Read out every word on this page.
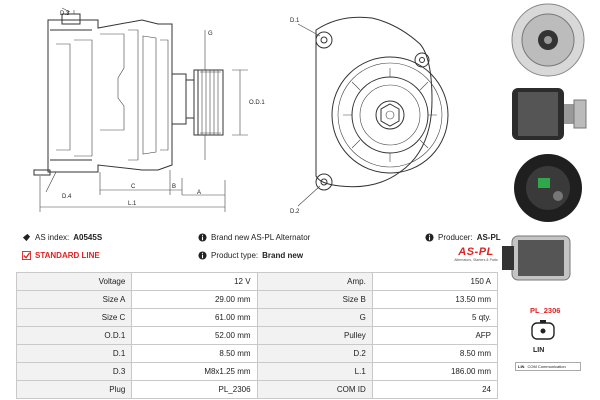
D.3
G
O.D.1
C	B
A
D.4
L.1
D.1
D.2
AS index: A0545S	Brand new AS-PL Alternator	Producer: AS-PL
STANDARD LINE	Product type: Brand new	AS-PL
Alternators, Starters & Parts
Voltage	12 V	Amp.	150 A
Size A	29.00 mm	Size B	13.50 mm
Size C	61.00 mm	G	5 qty.
O.D.1	52.00 mm	Pulley	AFP
D.1	8.50 mm	D.2	8.50 mm
D.3	M8x1.25 mm	L.1	186.00 mm
Plug	PL_2306	COM ID	24
PL_2306
LIN
LIN COM Communication
